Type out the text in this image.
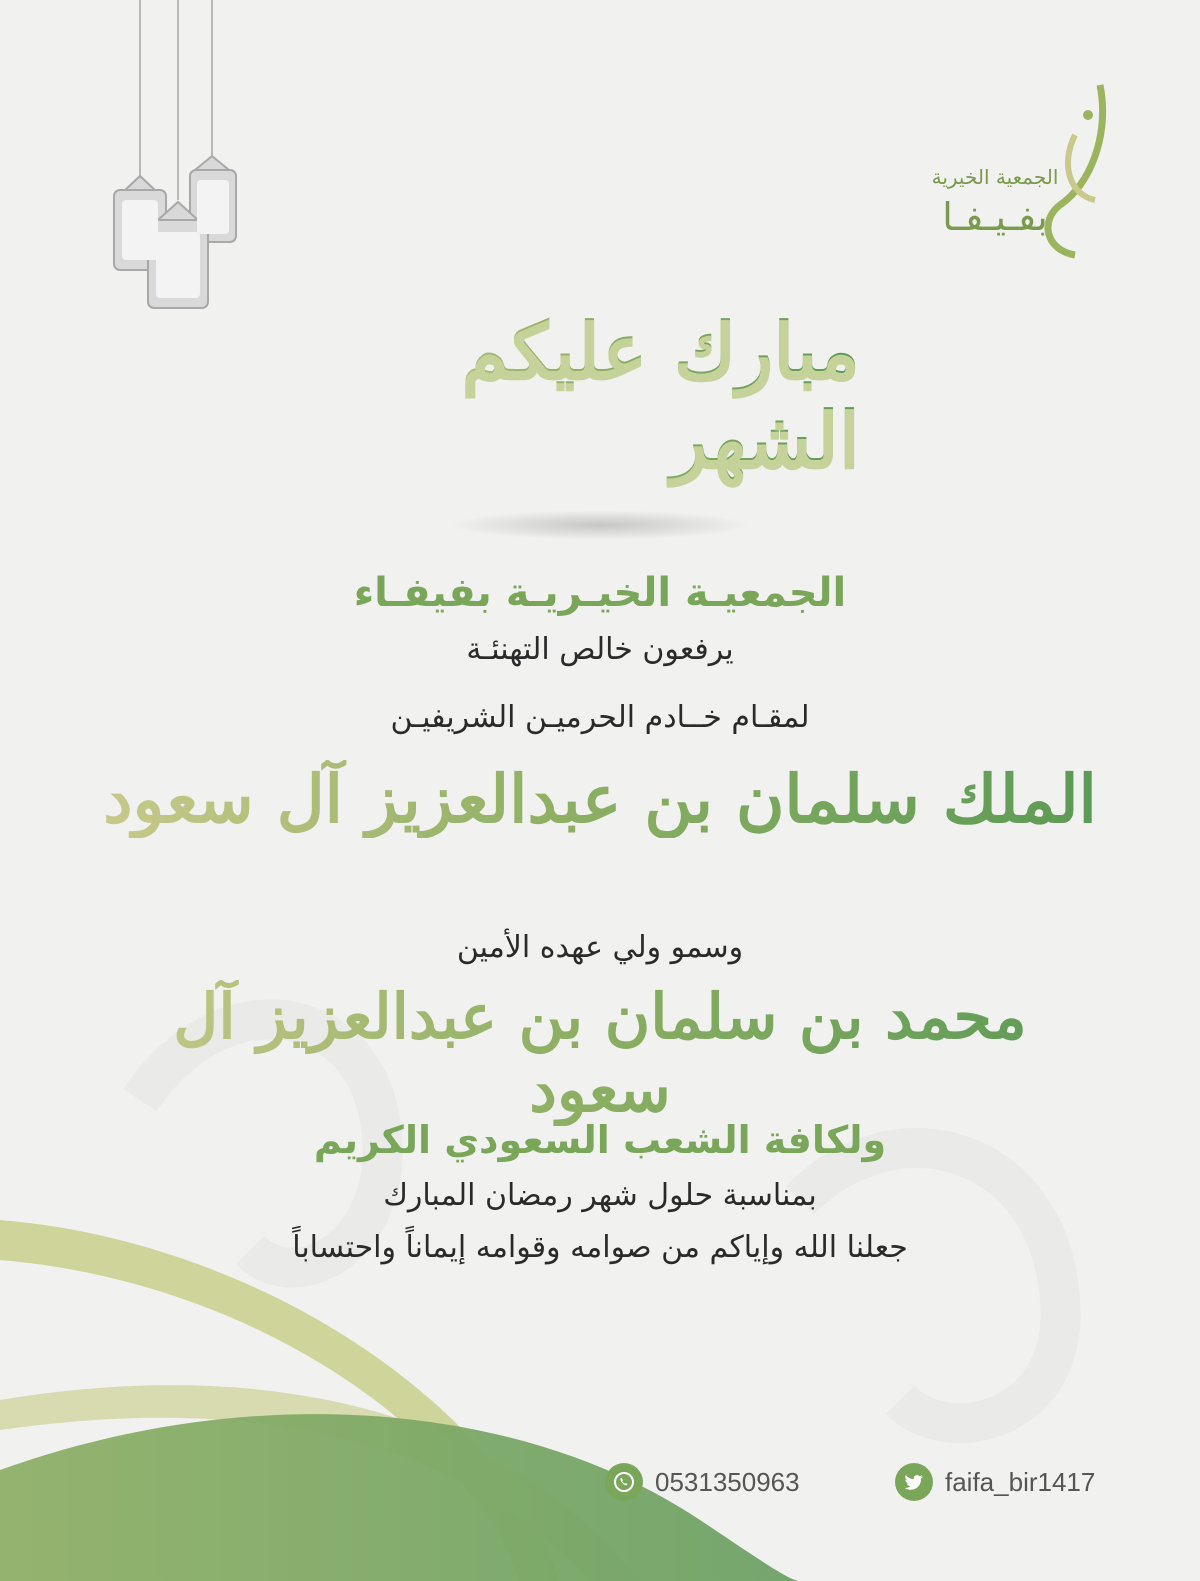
الجمعية الخيرية
بفـيـفـا
مبارك عليكم الشهر

الجمعيـة الخيـريـة بفيفـاء

يرفعون خالص التهنئـة

لمقـام خــادم الحرميـن الشريفيـن

الملك سلمان بن عبدالعزيز آل سعود

وسمو ولي عهده الأمين

محمد بن سلمان بن عبدالعزيز آل سعود

ولكافة الشعب السعودي الكريم

بمناسبة حلول شهر رمضان المبارك

جعلنا الله وإياكم من صوامه وقوامه إيماناً واحتساباً

0531350963	faifa_bir1417
